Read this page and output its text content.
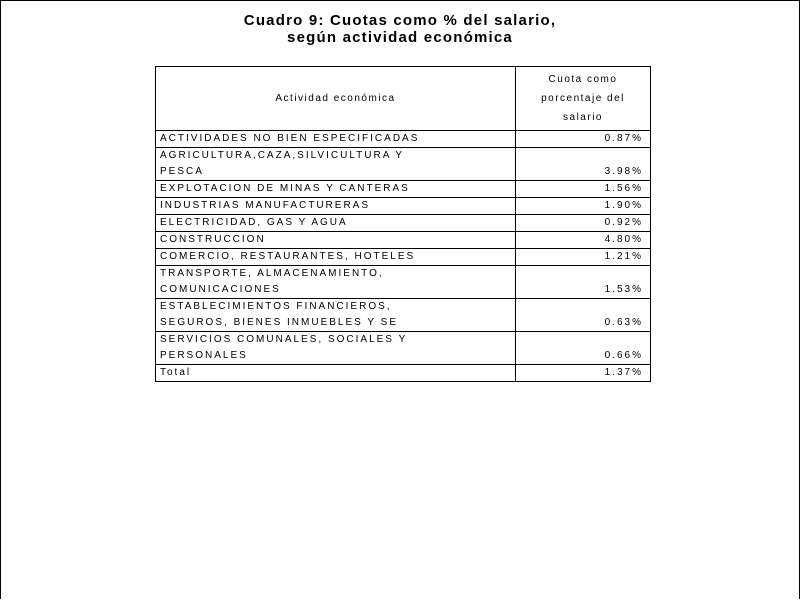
Cuadro 9: Cuotas como % del salario,
según actividad económica
Actividad económica	Cuota como
porcentaje del
salario

ACTIVIDADES NO BIEN ESPECIFICADAS	0.87%

AGRICULTURA,CAZA,SILVICULTURA Y
PESCA	3.98%

EXPLOTACION DE MINAS Y CANTERAS	1.56%

INDUSTRIAS MANUFACTURERAS	1.90%

ELECTRICIDAD, GAS Y AGUA	0.92%

CONSTRUCCION	4.80%

COMERCIO, RESTAURANTES, HOTELES	1.21%

TRANSPORTE, ALMACENAMIENTO,
COMUNICACIONES	1.53%

ESTABLECIMIENTOS FINANCIEROS,
SEGUROS, BIENES INMUEBLES Y SE	0.63%

SERVICIOS COMUNALES, SOCIALES Y
PERSONALES	0.66%

Total	1.37%
